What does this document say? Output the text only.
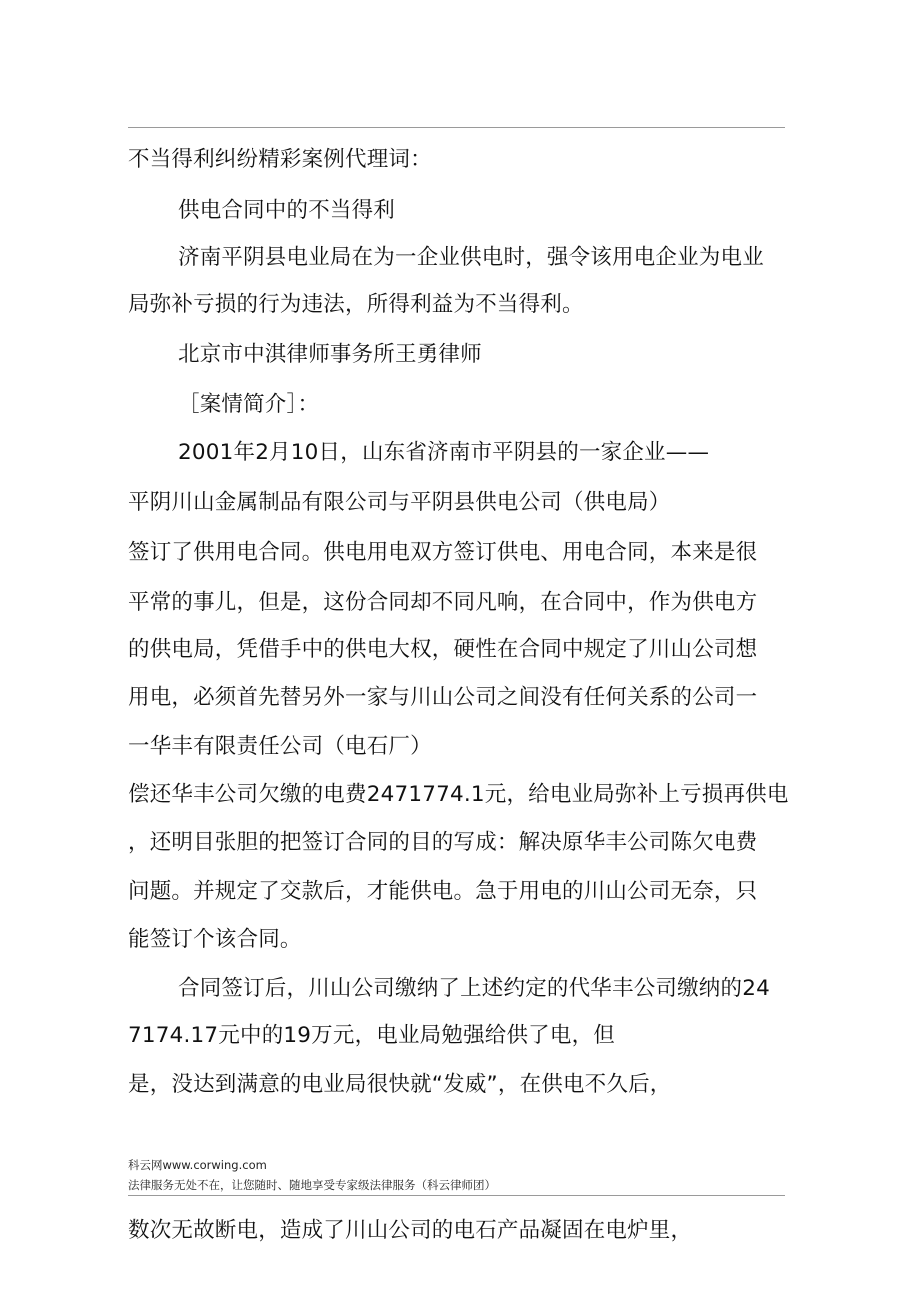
不当得利纠纷精彩案例代理词：
供电合同中的不当得利
济南平阴县电业局在为一企业供电时，强令该用电企业为电业
局弥补亏损的行为违法，所得利益为不当得利。
北京市中淇律师事务所王勇律师
［案情简介］：
2001年2月10日，山东省济南市平阴县的一家企业——
平阴川山金属制品有限公司与平阴县供电公司（供电局）
签订了供用电合同。供电用电双方签订供电、用电合同，本来是很
平常的事儿，但是，这份合同却不同凡响，在合同中，作为供电方
的供电局，凭借手中的供电大权，硬性在合同中规定了川山公司想
用电，必须首先替另外一家与川山公司之间没有任何关系的公司一
一华丰有限责任公司（电石厂）
偿还华丰公司欠缴的电费2471774.1元，给电业局弥补上亏损再供电
，还明目张胆的把签订合同的目的写成：解决原华丰公司陈欠电费
问题。并规定了交款后，才能供电。急于用电的川山公司无奈，只
能签订个该合同。
合同签订后，川山公司缴纳了上述约定的代华丰公司缴纳的24
7174.17元中的19万元，电业局勉强给供了电，但
是，没达到满意的电业局很快就“发威”，在供电不久后，
科云网www.corwing.com
法律服务无处不在，让您随时、随地享受专家级法律服务（科云律师团）
数次无故断电，造成了川山公司的电石产品凝固在电炉里，
